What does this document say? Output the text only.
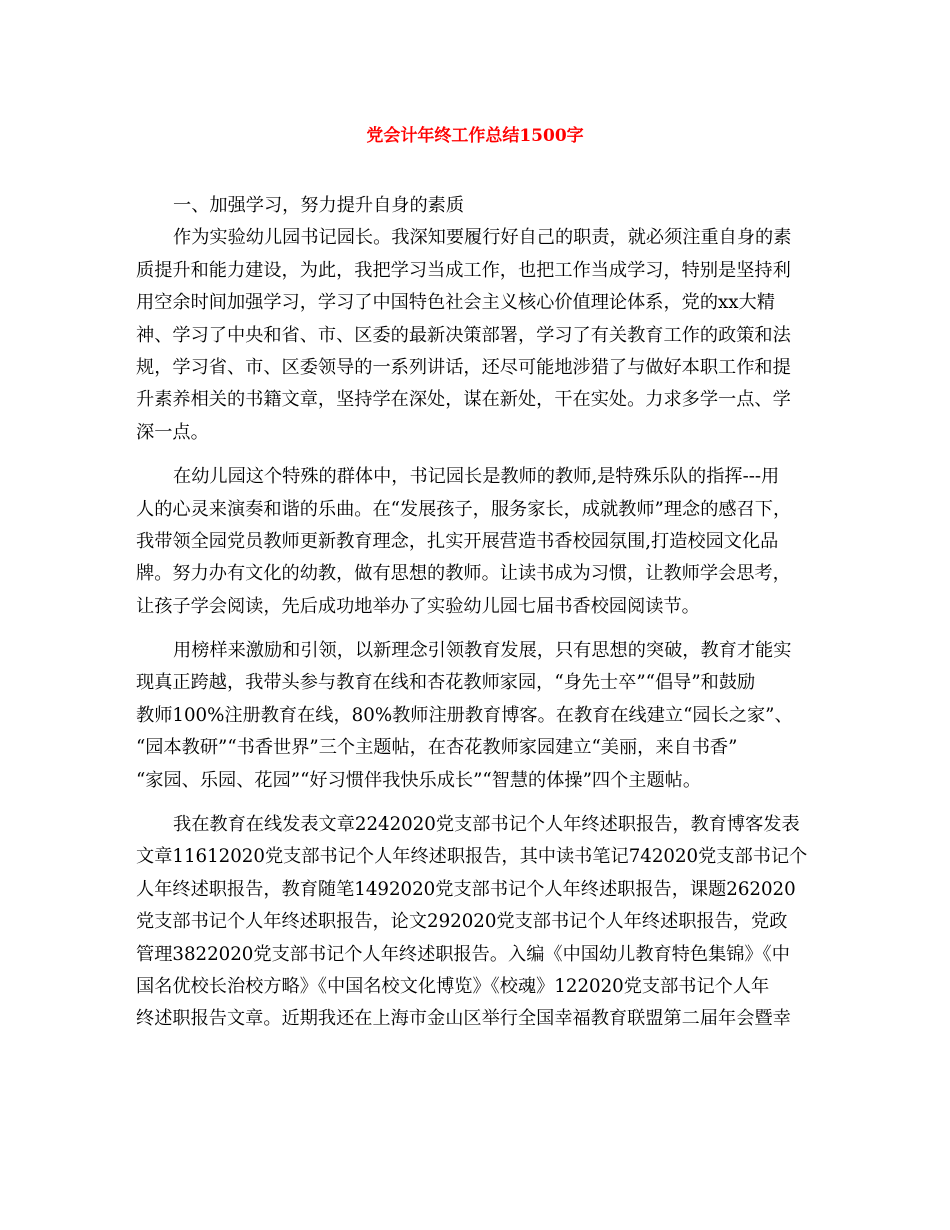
党会计年终工作总结1500字
一、加强学习，努力提升自身的素质
作为实验幼儿园书记园长。我深知要履行好自己的职责，就必须注重自身的素
质提升和能力建设，为此，我把学习当成工作，也把工作当成学习，特别是坚持利
用空余时间加强学习，学习了中国特色社会主义核心价值理论体系，党的xx大精
神、学习了中央和省、市、区委的最新决策部署，学习了有关教育工作的政策和法
规，学习省、市、区委领导的一系列讲话，还尽可能地涉猎了与做好本职工作和提
升素养相关的书籍文章，坚持学在深处，谋在新处，干在实处。力求多学一点、学
深一点。
在幼儿园这个特殊的群体中，书记园长是教师的教师,是特殊乐队的指挥---用
人的心灵来演奏和谐的乐曲。在“发展孩子，服务家长，成就教师”理念的感召下，
我带领全园党员教师更新教育理念，扎实开展营造书香校园氛围,打造校园文化品
牌。努力办有文化的幼教，做有思想的教师。让读书成为习惯，让教师学会思考，
让孩子学会阅读，先后成功地举办了实验幼儿园七届书香校园阅读节。
用榜样来激励和引领，以新理念引领教育发展，只有思想的突破，教育才能实
现真正跨越，我带头参与教育在线和杏花教师家园，“身先士卒”“倡导”和鼓励
教师100%注册教育在线，80%教师注册教育博客。在教育在线建立“园长之家”、
“园本教研”“书香世界”三个主题帖，在杏花教师家园建立“美丽，来自书香”
“家园、乐园、花园”“好习惯伴我快乐成长”“智慧的体操”四个主题帖。
我在教育在线发表文章2242020党支部书记个人年终述职报告，教育博客发表
文章11612020党支部书记个人年终述职报告，其中读书笔记742020党支部书记个
人年终述职报告，教育随笔1492020党支部书记个人年终述职报告，课题262020
党支部书记个人年终述职报告，论文292020党支部书记个人年终述职报告，党政
管理3822020党支部书记个人年终述职报告。入编《中国幼儿教育特色集锦》《中
国名优校长治校方略》《中国名校文化博览》《校魂》122020党支部书记个人年
终述职报告文章。近期我还在上海市金山区举行全国幸福教育联盟第二届年会暨幸
